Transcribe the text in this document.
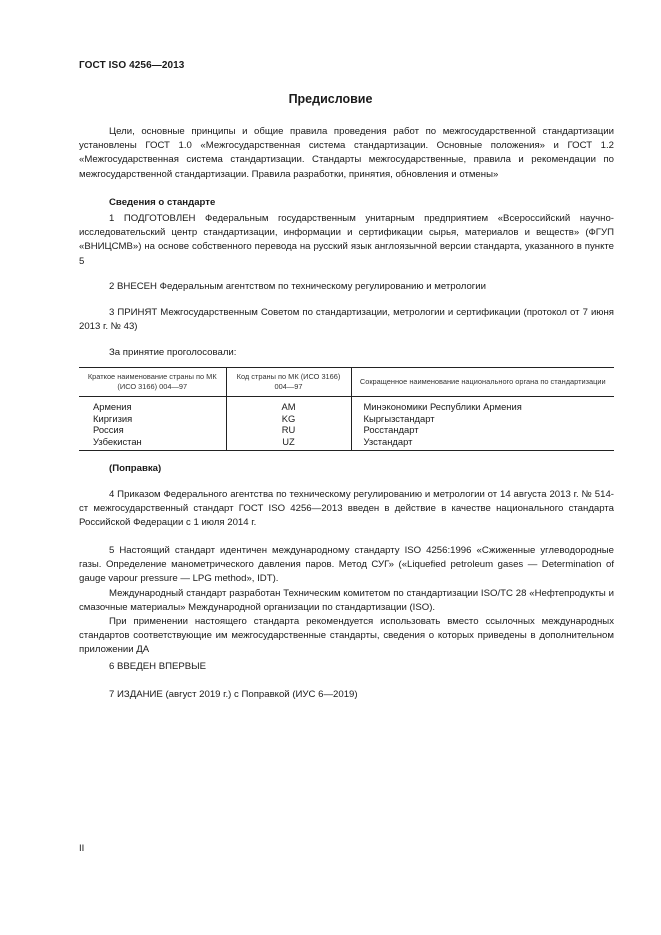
ГОСТ ISO 4256—2013
Предисловие

Цели, основные принципы и общие правила проведения работ по межгосударственной стандартизации установлены ГОСТ 1.0 «Межгосударственная система стандартизации. Основные положения» и ГОСТ 1.2 «Межгосударственная система стандартизации. Стандарты межгосударственные, правила и рекомендации по межгосударственной стандартизации. Правила разработки, принятия, обновления и отмены»

Сведения о стандарте

1 ПОДГОТОВЛЕН Федеральным государственным унитарным предприятием «Всероссийский научно-исследовательский центр стандартизации, информации и сертификации сырья, материалов и веществ» (ФГУП «ВНИЦСМВ») на основе собственного перевода на русский язык англоязычной версии стандарта, указанного в пункте 5

2 ВНЕСЕН Федеральным агентством по техническому регулированию и метрологии

3 ПРИНЯТ Межгосударственным Советом по стандартизации, метрологии и сертификации (протокол от 7 июня 2013 г. № 43)

За принятие проголосовали:

Краткое наименование страны по МК (ИСО 3166) 004—97	Код страны по МК (ИСО 3166) 004—97	Сокращенное наименование национального органа по стандартизации
Армения	AM	Минэкономики Республики Армения
Киргизия	KG	Кыргызстандарт
Россия	RU	Росстандарт
Узбекистан	UZ	Узстандарт

(Поправка)

4 Приказом Федерального агентства по техническому регулированию и метрологии от 14 августа 2013 г. № 514-ст межгосударственный стандарт ГОСТ ISO 4256—2013 введен в действие в качестве национального стандарта Российской Федерации с 1 июля 2014 г.

5 Настоящий стандарт идентичен международному стандарту ISO 4256:1996 «Сжиженные углеводородные газы. Определение манометрического давления паров. Метод СУГ» («Liquefied petroleum gases — Determination of gauge vapour pressure — LPG method», IDT).

Международный стандарт разработан Техническим комитетом по стандартизации ISO/TC 28 «Нефтепродукты и смазочные материалы» Международной организации по стандартизации (ISO).

При применении настоящего стандарта рекомендуется использовать вместо ссылочных международных стандартов соответствующие им межгосударственные стандарты, сведения о которых приведены в дополнительном приложении ДА

6 ВВЕДЕН ВПЕРВЫЕ

7 ИЗДАНИЕ (август 2019 г.) с Поправкой (ИУС 6—2019)

II
